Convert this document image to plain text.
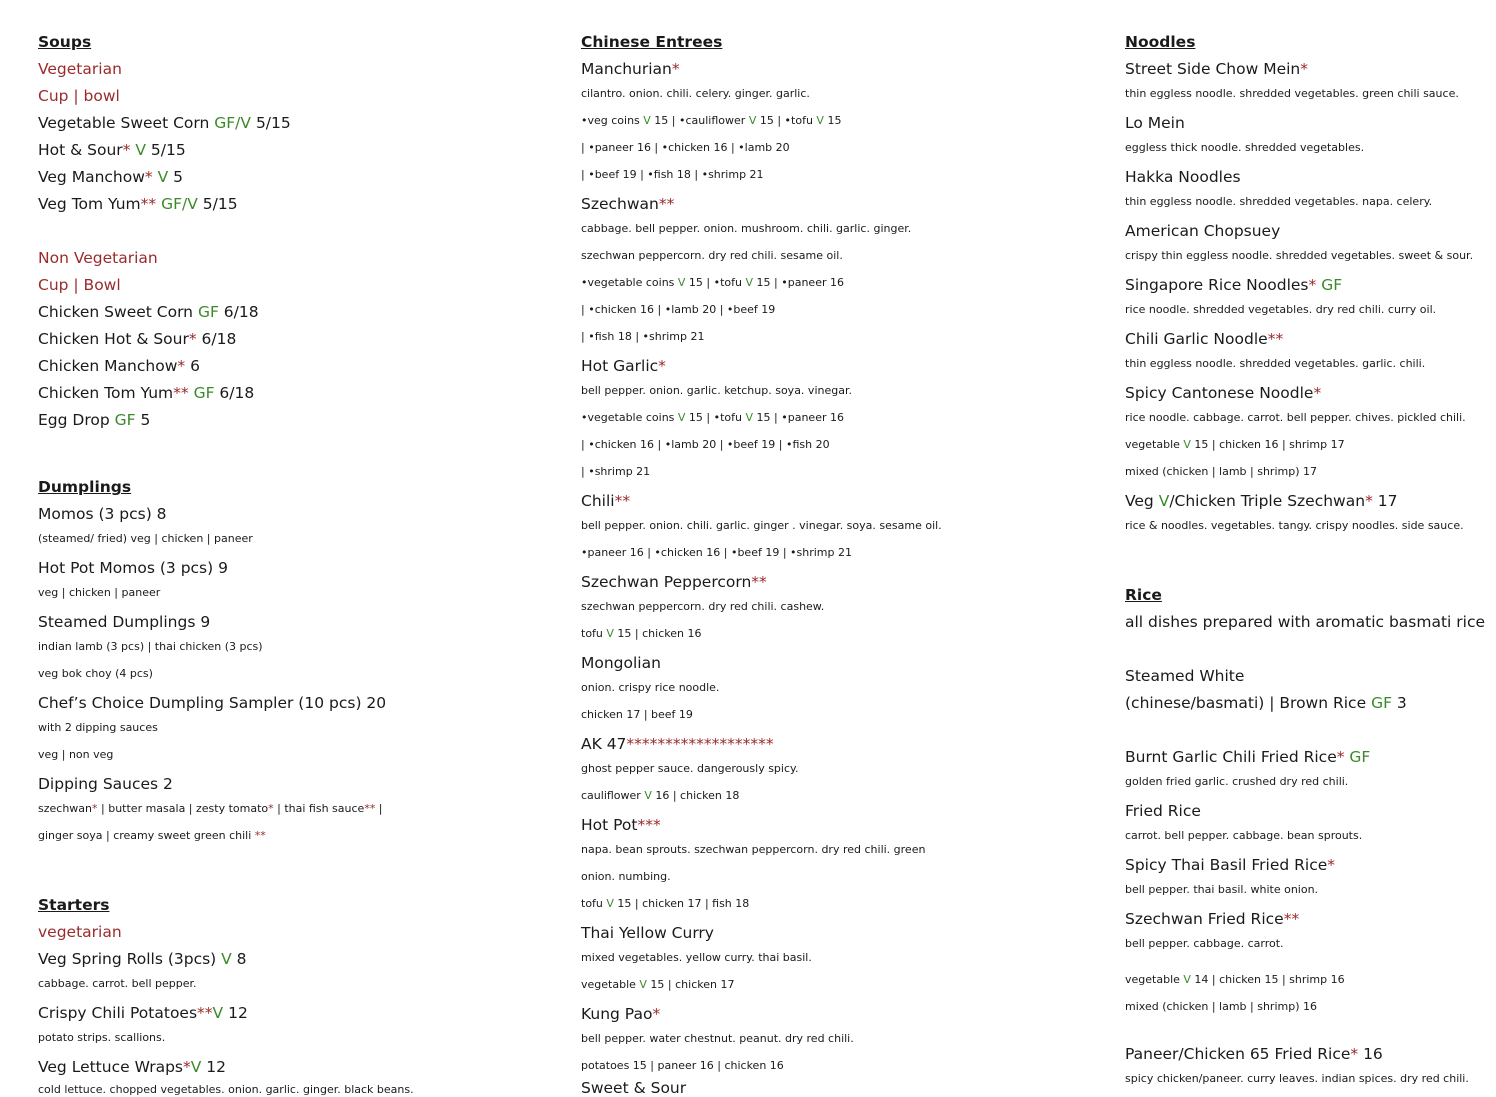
Soups
Vegetarian
Cup | bowl
Vegetable Sweet Corn GF/V 5/15
Hot & Sour* V 5/15
Veg Manchow* V 5
Veg Tom Yum** GF/V 5/15
Non Vegetarian
Cup | Bowl
Chicken Sweet Corn GF 6/18
Chicken Hot & Sour* 6/18
Chicken Manchow* 6
Chicken Tom Yum** GF 6/18
Egg Drop GF 5
Dumplings
Momos (3 pcs) 8
(steamed/ fried) veg | chicken | paneer
Hot Pot Momos (3 pcs) 9
veg | chicken | paneer
Steamed Dumplings 9
indian lamb (3 pcs) | thai chicken (3 pcs)
veg bok choy (4 pcs)
Chef’s Choice Dumpling Sampler (10 pcs) 20
with 2 dipping sauces
veg | non veg
Dipping Sauces 2
szechwan* | butter masala | zesty tomato* | thai fish sauce** |
ginger soya | creamy sweet green chili **
Starters
vegetarian
Veg Spring Rolls (3pcs) V 8
cabbage. carrot. bell pepper.
Crispy Chili Potatoes**V 12
potato strips. scallions.
Veg Lettuce Wraps*V 12
cold lettuce. chopped vegetables. onion. garlic. ginger. black beans.
Chinese Entrees
Manchurian*
cilantro. onion. chili. celery. ginger. garlic.
•veg coins V 15 | •cauliflower V 15 | •tofu V 15
| •paneer 16 | •chicken 16 | •lamb 20
| •beef 19 | •fish 18 | •shrimp 21
Szechwan**
cabbage. bell pepper. onion. mushroom. chili. garlic. ginger.
szechwan peppercorn. dry red chili. sesame oil.
•vegetable coins V 15 | •tofu V 15 | •paneer 16
| •chicken 16 | •lamb 20 | •beef 19
| •fish 18 | •shrimp 21
Hot Garlic*
bell pepper. onion. garlic. ketchup. soya. vinegar.
•vegetable coins V 15 | •tofu V 15 | •paneer 16
| •chicken 16 | •lamb 20 | •beef 19 | •fish 20
| •shrimp 21
Chili**
bell pepper. onion. chili. garlic. ginger . vinegar. soya. sesame oil.
•paneer 16 | •chicken 16 | •beef 19 | •shrimp 21
Szechwan Peppercorn**
szechwan peppercorn. dry red chili. cashew.
tofu V 15 | chicken 16
Mongolian
onion. crispy rice noodle.
chicken 17 | beef 19
AK 47*******************
ghost pepper sauce. dangerously spicy.
cauliflower V 16 | chicken 18
Hot Pot***
napa. bean sprouts. szechwan peppercorn. dry red chili. green
onion. numbing.
tofu V 15 | chicken 17 | fish 18
Thai Yellow Curry
mixed vegetables. yellow curry. thai basil.
vegetable V 15 | chicken 17
Kung Pao*
bell pepper. water chestnut. peanut. dry red chili.
potatoes 15 | paneer 16 | chicken 16
Sweet & Sour
Noodles
Street Side Chow Mein*
thin eggless noodle. shredded vegetables. green chili sauce.
Lo Mein
eggless thick noodle. shredded vegetables.
Hakka Noodles
thin eggless noodle. shredded vegetables. napa. celery.
American Chopsuey
crispy thin eggless noodle. shredded vegetables. sweet & sour.
Singapore Rice Noodles* GF
rice noodle. shredded vegetables. dry red chili. curry oil.
Chili Garlic Noodle**
thin eggless noodle. shredded vegetables. garlic. chili.
Spicy Cantonese Noodle*
rice noodle. cabbage. carrot. bell pepper. chives. pickled chili.
vegetable V 15 | chicken 16 | shrimp 17
mixed (chicken | lamb | shrimp) 17
Veg V/Chicken Triple Szechwan* 17
rice & noodles. vegetables. tangy. crispy noodles. side sauce.
Rice
all dishes prepared with aromatic basmati rice
Steamed White
(chinese/basmati) | Brown Rice GF 3
Burnt Garlic Chili Fried Rice* GF
golden fried garlic. crushed dry red chili.
Fried Rice
carrot. bell pepper. cabbage. bean sprouts.
Spicy Thai Basil Fried Rice*
bell pepper. thai basil. white onion.
Szechwan Fried Rice**
bell pepper. cabbage. carrot.
vegetable V 14 | chicken 15 | shrimp 16
mixed (chicken | lamb | shrimp) 16
Paneer/Chicken 65 Fried Rice* 16
spicy chicken/paneer. curry leaves. indian spices. dry red chili.
